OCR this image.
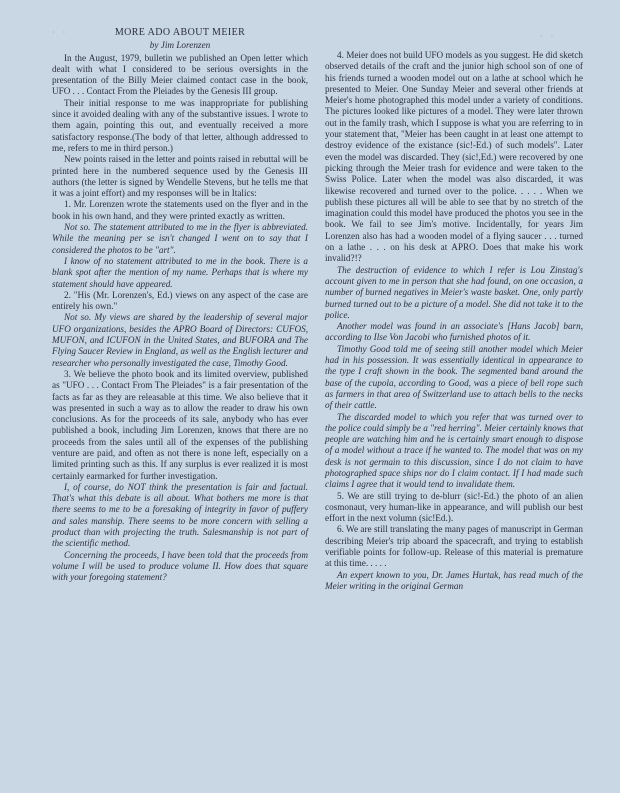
· ·	· ·
MORE ADO ABOUT MEIER
by Jim Lorenzen

In the August, 1979, bulletin we published an Open letter which dealt with what I considered to be serious oversights in the presentation of the Billy Meier claimed contact case in the book, UFO . . . Contact From the Pleiades by the Genesis III group.

Their initial response to me was inappropriate for publishing since it avoided dealing with any of the substantive issues. I wrote to them again, pointing this out, and eventually received a more satisfactory response.(The body of that letter, although addressed to me, refers to me in third person.)

New points raised in the letter and points raised in rebuttal will be printed here in the numbered sequence used by the Genesis III authors (the letter is signed by Wendelle Stevens, but he tells me that it was a joint effort) and my responses will be in Italics:

1. Mr. Lorenzen wrote the statements used on the flyer and in the book in his own hand, and they were printed exactly as written.

Not so. The statement attributed to me in the flyer is abbreviated. While the meaning per se isn't changed I went on to say that I considered the photos to be "art".

I know of no statement attributed to me in the book. There is a blank spot after the mention of my name. Perhaps that is where my statement should have appeared.

2. "His (Mr. Lorenzen's, Ed.) views on any aspect of the case are entirely his own."

Not so. My views are shared by the leadership of several major UFO organizations, besides the APRO Board of Directors: CUFOS, MUFON, and ICUFON in the United States, and BUFORA and The Flying Saucer Review in England, as well as the English lecturer and researcher who personally investigated the case, Timothy Good.

3. We believe the photo book and its limited overview, published as "UFO . . . Contact From The Pleiades" is a fair presentation of the facts as far as they are releasable at this time. We also believe that it was presented in such a way as to allow the reader to draw his own conclusions. As for the proceeds of its sale, anybody who has ever published a book, including Jim Lorenzen, knows that there are no proceeds from the sales until all of the expenses of the publishing venture are paid, and often as not there is none left, especially on a limited printing such as this. If any surplus is ever realized it is most certainly earmarked for further investigation.

I, of course, do NOT think the presentation is fair and factual. That's what this debate is all about. What bothers me more is that there seems to me to be a foresaking of integrity in favor of puffery and sales manship. There seems to be more concern with selling a product than with projecting the truth. Salesmanship is not part of the scientific method.

Concerning the proceeds, I have been told that the proceeds from volume I will be used to produce volume II. How does that square with your foregoing statement?

4. Meier does not build UFO models as you suggest. He did sketch observed details of the craft and the junior high school son of one of his friends turned a wooden model out on a lathe at school which he presented to Meier. One Sunday Meier and several other friends at Meier's home photographed this model under a variety of conditions. The pictures looked like pictures of a model. They were later thrown out in the family trash, which I suppose is what you are referring to in your statement that, "Meier has been caught in at least one attempt to destroy evidence of the existance (sic!-Ed.) of such models". Later even the model was discarded. They (sic!,Ed.) were recovered by one picking through the Meier trash for evidence and were taken to the Swiss Police. Later when the model was also discarded, it was likewise recovered and turned over to the police. . . . . When we publish these pictures all will be able to see that by no stretch of the imagination could this model have produced the photos you see in the book. We fail to see Jim's motive. Incidentally, for years Jim Lorenzen also has had a wooden model of a flying saucer . . . turned on a lathe . . . on his desk at APRO. Does that make his work invalid?!?

The destruction of evidence to which I refer is Lou Zinstag's account given to me in person that she had found, on one occasion, a number of burned negatives in Meier's waste basket. One, only partly burned turned out to be a picture of a model. She did not take it to the police.

Another model was found in an associate's [Hans Jacob] barn, according to Ilse Von Jacobi who furnished photos of it.

Timothy Good told me of seeing still another model which Meier had in his possession. It was essentially identical in appearance to the type I craft shown in the book. The segmented band around the base of the cupola, according to Good, was a piece of bell rope such as farmers in that area of Switzerland use to attach bells to the necks of their cattle.

The discarded model to which you refer that was turned over to the police could simply be a "red herring". Meier certainly knows that people are watching him and he is certainly smart enough to dispose of a model without a trace if he wanted to. The model that was on my desk is not germain to this discussion, since I do not claim to have photographed space ships nor do I claim contact. If I had made such claims I agree that it would tend to invalidate them.

5. We are still trying to de-blurr (sic!-Ed.) the photo of an alien cosmonaut, very human-like in appearance, and will publish our best effort in the next volumn (sic!Ed.).

6. We are still translating the many pages of manuscript in German describing Meier's trip aboard the spacecraft, and trying to establish verifiable points for follow-up. Release of this material is premature at this time. . . . .

An expert known to you, Dr. James Hurtak, has read much of the Meier writing in the original German
